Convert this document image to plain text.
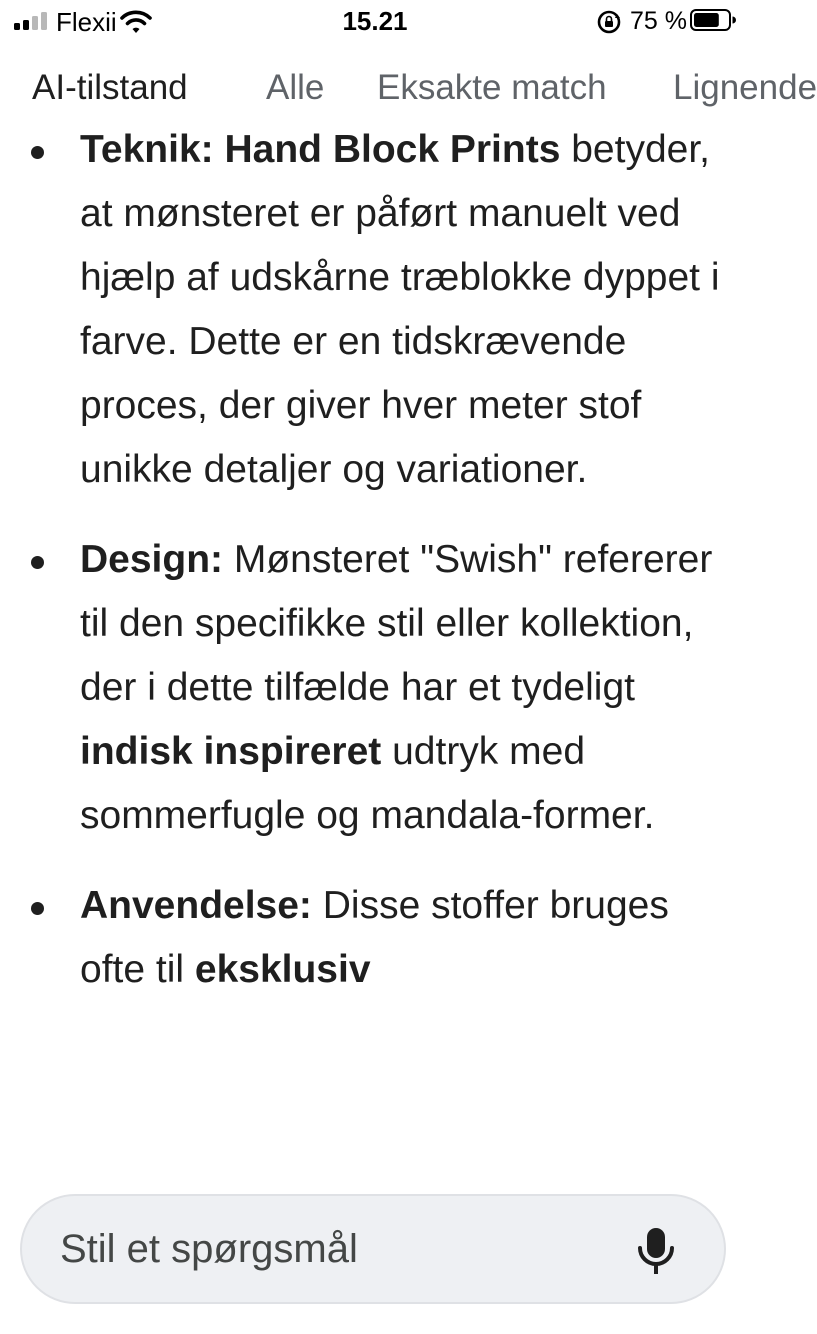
Flexii	15.21	75 %
AI-tilstand Alle Eksakte match Lignende
Teknik: Hand Block Prints betyder, at mønsteret er påført manuelt ved hjælp af udskårne træblokke dyppet i farve. Dette er en tidskrævende proces, der giver hver meter stof unikke detaljer og variationer.
Design: Mønsteret "Swish" refererer til den specifikke stil eller kollektion, der i dette tilfælde har et tydeligt indisk inspireret udtryk med sommerfugle og mandala-former.
Anvendelse: Disse stoffer bruges ofte til eksklusiv
Stil et spørgsmål
